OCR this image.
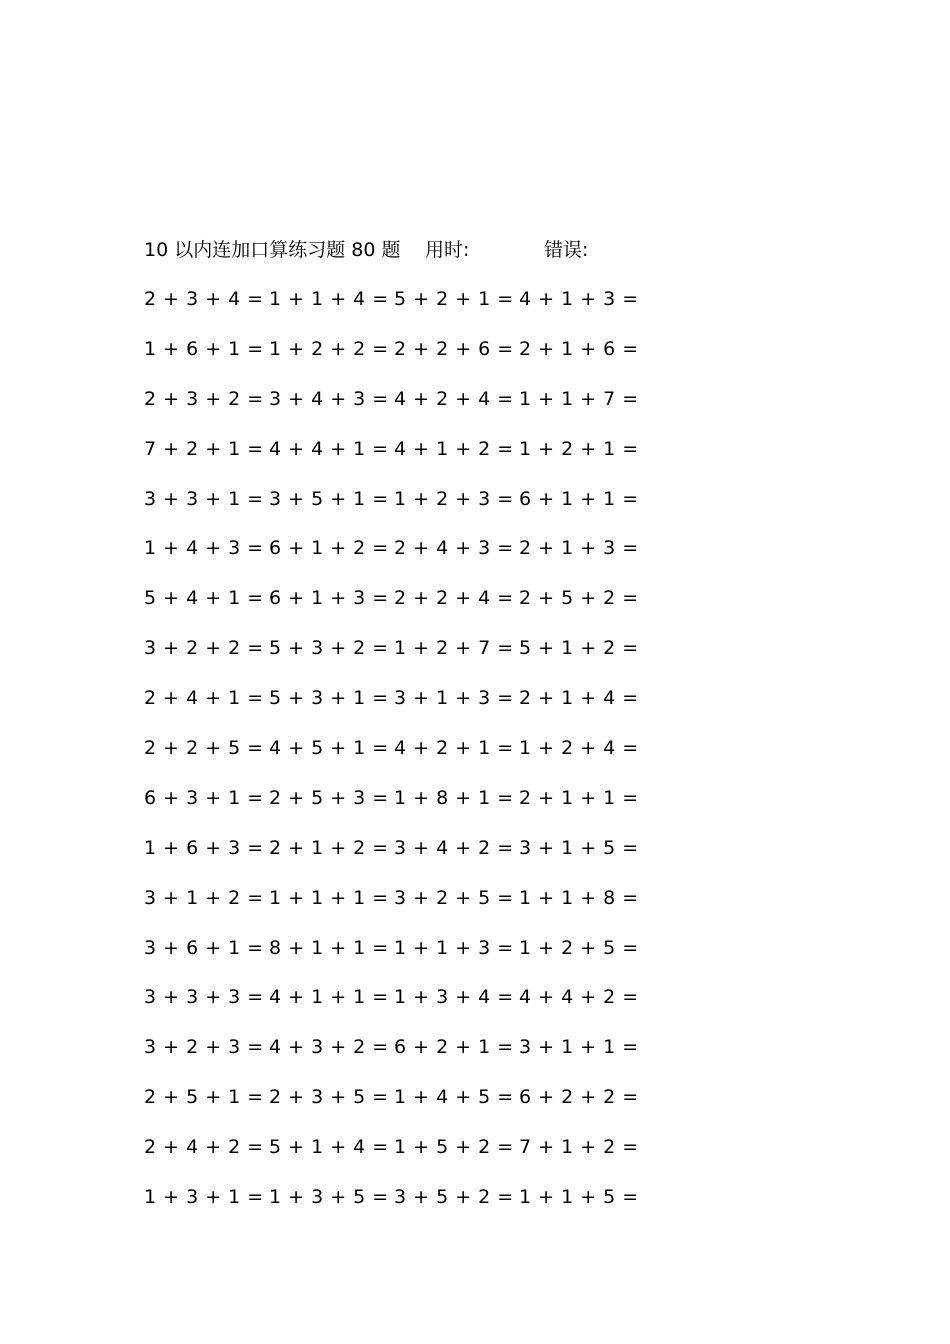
10 以内连加口算练习题 80 题 用时:	错误:
2 + 3 + 4 = 1 + 1 + 4 = 5 + 2 + 1 = 4 + 1 + 3 =
1 + 6 + 1 = 1 + 2 + 2 = 2 + 2 + 6 = 2 + 1 + 6 =
2 + 3 + 2 = 3 + 4 + 3 = 4 + 2 + 4 = 1 + 1 + 7 =
7 + 2 + 1 = 4 + 4 + 1 = 4 + 1 + 2 = 1 + 2 + 1 =
3 + 3 + 1 = 3 + 5 + 1 = 1 + 2 + 3 = 6 + 1 + 1 =
1 + 4 + 3 = 6 + 1 + 2 = 2 + 4 + 3 = 2 + 1 + 3 =
5 + 4 + 1 = 6 + 1 + 3 = 2 + 2 + 4 = 2 + 5 + 2 =
3 + 2 + 2 = 5 + 3 + 2 = 1 + 2 + 7 = 5 + 1 + 2 =
2 + 4 + 1 = 5 + 3 + 1 = 3 + 1 + 3 = 2 + 1 + 4 =
2 + 2 + 5 = 4 + 5 + 1 = 4 + 2 + 1 = 1 + 2 + 4 =
6 + 3 + 1 = 2 + 5 + 3 = 1 + 8 + 1 = 2 + 1 + 1 =
1 + 6 + 3 = 2 + 1 + 2 = 3 + 4 + 2 = 3 + 1 + 5 =
3 + 1 + 2 = 1 + 1 + 1 = 3 + 2 + 5 = 1 + 1 + 8 =
3 + 6 + 1 = 8 + 1 + 1 = 1 + 1 + 3 = 1 + 2 + 5 =
3 + 3 + 3 = 4 + 1 + 1 = 1 + 3 + 4 = 4 + 4 + 2 =
3 + 2 + 3 = 4 + 3 + 2 = 6 + 2 + 1 = 3 + 1 + 1 =
2 + 5 + 1 = 2 + 3 + 5 = 1 + 4 + 5 = 6 + 2 + 2 =
2 + 4 + 2 = 5 + 1 + 4 = 1 + 5 + 2 = 7 + 1 + 2 =
1 + 3 + 1 = 1 + 3 + 5 = 3 + 5 + 2 = 1 + 1 + 5 =
